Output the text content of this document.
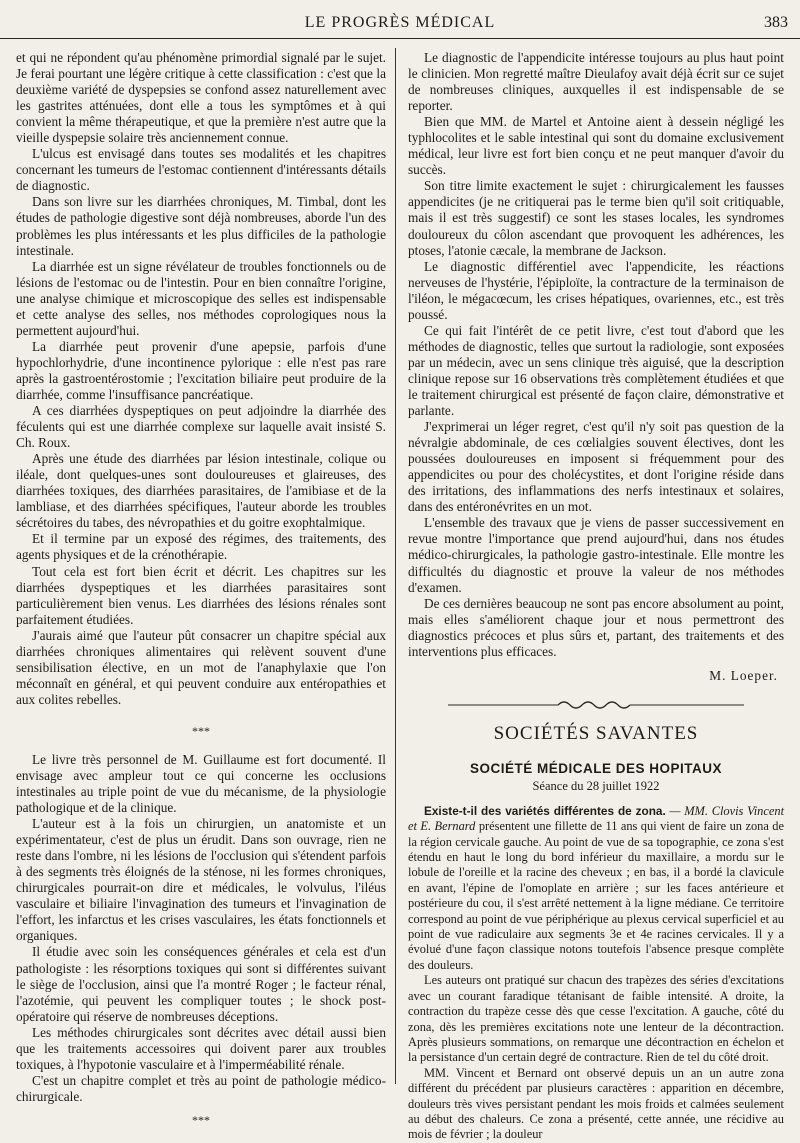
LE PROGRÈS MÉDICAL	383

et qui ne répondent qu'au phénomène primordial signalé par le sujet. Je ferai pourtant une légère critique à cette classification : c'est que la deuxième variété de dyspepsies se confond assez naturellement avec les gastrites atténuées, dont elle a tous les symptômes et à qui convient la même thérapeutique, et que la première n'est autre que la vieille dyspepsie solaire très anciennement connue.

L'ulcus est envisagé dans toutes ses modalités et les chapitres concernant les tumeurs de l'estomac contiennent d'intéressants détails de diagnostic.

Dans son livre sur les diarrhées chroniques, M. Timbal, dont les études de pathologie digestive sont déjà nombreuses, aborde l'un des problèmes les plus intéressants et les plus difficiles de la pathologie intestinale.

La diarrhée est un signe révélateur de troubles fonctionnels ou de lésions de l'estomac ou de l'intestin. Pour en bien connaître l'origine, une analyse chimique et microscopique des selles est indispensable et cette analyse des selles, nos méthodes coprologiques nous la permettent aujourd'hui.

La diarrhée peut provenir d'une apepsie, parfois d'une hypochlorhydrie, d'une incontinence pylorique : elle n'est pas rare après la gastroentérostomie ; l'excitation biliaire peut produire de la diarrhée, comme l'insuffisance pancréatique.

A ces diarrhées dyspeptiques on peut adjoindre la diarrhée des féculents qui est une diarrhée complexe sur laquelle avait insisté S. Ch. Roux.

Après une étude des diarrhées par lésion intestinale, colique ou iléale, dont quelques-unes sont douloureuses et glaireuses, des diarrhées toxiques, des diarrhées parasitaires, de l'amibiase et de la lambliase, et des diarrhées spécifiques, l'auteur aborde les troubles sécrétoires du tabes, des névropathies et du goitre exophtalmique.

Et il termine par un exposé des régimes, des traitements, des agents physiques et de la crénothérapie.

Tout cela est fort bien écrit et décrit. Les chapitres sur les diarrhées dyspeptiques et les diarrhées parasitaires sont particulièrement bien venus. Les diarrhées des lésions rénales sont parfaitement étudiées.

J'aurais aimé que l'auteur pût consacrer un chapitre spécial aux diarrhées chroniques alimentaires qui relèvent souvent d'une sensibilisation élective, en un mot de l'anaphylaxie que l'on méconnaît en général, et qui peuvent conduire aux entéropathies et aux colites rebelles.

***

Le livre très personnel de M. Guillaume est fort documenté. Il envisage avec ampleur tout ce qui concerne les occlusions intestinales au triple point de vue du mécanisme, de la physiologie pathologique et de la clinique.

L'auteur est à la fois un chirurgien, un anatomiste et un expérimentateur, c'est de plus un érudit. Dans son ouvrage, rien ne reste dans l'ombre, ni les lésions de l'occlusion qui s'étendent parfois à des segments très éloignés de la sténose, ni les formes chroniques, chirurgicales pourrait-on dire et médicales, le volvulus, l'iléus vasculaire et biliaire l'invagination des tumeurs et l'invagination de l'effort, les infarctus et les crises vasculaires, les états fonctionnels et organiques.

Il étudie avec soin les conséquences générales et cela est d'un pathologiste : les résorptions toxiques qui sont si différentes suivant le siège de l'occlusion, ainsi que l'a montré Roger ; le facteur rénal, l'azotémie, qui peuvent les compliquer toutes ; le shock post-opératoire qui réserve de nombreuses déceptions.

Les méthodes chirurgicales sont décrites avec détail aussi bien que les traitements accessoires qui doivent parer aux troubles toxiques, à l'hypotonie vasculaire et à l'imperméabilité rénale.

C'est un chapitre complet et très au point de pathologie médico-chirurgicale.

***

Le diagnostic de l'appendicite intéresse toujours au plus haut point le clinicien. Mon regretté maître Dieulafoy avait déjà écrit sur ce sujet de nombreuses cliniques, auxquelles il est indispensable de se reporter.

Bien que MM. de Martel et Antoine aient à dessein négligé les typhlocolites et le sable intestinal qui sont du domaine exclusivement médical, leur livre est fort bien conçu et ne peut manquer d'avoir du succès.

Son titre limite exactement le sujet : chirurgicalement les fausses appendicites (je ne critiquerai pas le terme bien qu'il soit critiquable, mais il est très suggestif) ce sont les stases locales, les syndromes douloureux du côlon ascendant que provoquent les adhérences, les ptoses, l'atonie cæcale, la membrane de Jackson.

Le diagnostic différentiel avec l'appendicite, les réactions nerveuses de l'hystérie, l'épiploïte, la contracture de la terminaison de l'iléon, le mégacœcum, les crises hépatiques, ovariennes, etc., est très poussé.

Ce qui fait l'intérêt de ce petit livre, c'est tout d'abord que les méthodes de diagnostic, telles que surtout la radiologie, sont exposées par un médecin, avec un sens clinique très aiguisé, que la description clinique repose sur 16 observations très complètement étudiées et que le traitement chirurgical est présenté de façon claire, démonstrative et parlante.

J'exprimerai un léger regret, c'est qu'il n'y soit pas question de la névralgie abdominale, de ces cœlialgies souvent électives, dont les poussées douloureuses en imposent si fréquemment pour des appendicites ou pour des cholécystites, et dont l'origine réside dans des irritations, des inflammations des nerfs intestinaux et solaires, dans des entéronévrites en un mot.

L'ensemble des travaux que je viens de passer successivement en revue montre l'importance que prend aujourd'hui, dans nos études médico-chirurgicales, la pathologie gastro-intestinale. Elle montre les difficultés du diagnostic et prouve la valeur de nos méthodes d'examen.

De ces dernières beaucoup ne sont pas encore absolument au point, mais elles s'améliorent chaque jour et nous permettront des diagnostics précoces et plus sûrs et, partant, des traitements et des interventions plus efficaces.

M. Loeper.
SOCIÉTÉS SAVANTES
SOCIÉTÉ MÉDICALE DES HOPITAUX
Séance du 28 juillet 1922

Existe-t-il des variétés différentes de zona. — MM. Clovis Vincent et E. Bernard présentent une fillette de 11 ans qui vient de faire un zona de la région cervicale gauche. Au point de vue de sa topographie, ce zona s'est étendu en haut le long du bord inférieur du maxillaire, a mordu sur le lobule de l'oreille et la racine des cheveux ; en bas, il a bordé la clavicule en avant, l'épine de l'omoplate en arrière ; sur les faces antérieure et postérieure du cou, il s'est arrêté nettement à la ligne médiane. Ce territoire correspond au point de vue périphérique au plexus cervical superficiel et au point de vue radiculaire aux segments 3e et 4e racines cervicales. Il y a évolué d'une façon classique notons toutefois l'absence presque complète des douleurs.

Les auteurs ont pratiqué sur chacun des trapèzes des séries d'excitations avec un courant faradique tétanisant de faible intensité. A droite, la contraction du trapèze cesse dès que cesse l'excitation. A gauche, côté du zona, dès les premières excitations note une lenteur de la décontraction. Après plusieurs sommations, on remarque une décontraction en échelon et la persistance d'un certain degré de contracture. Rien de tel du côté droit.

MM. Vincent et Bernard ont observé depuis un an un autre zona différent du précédent par plusieurs caractères : apparition en décembre, douleurs très vives persistant pendant les mois froids et calmées seulement au début des chaleurs. Ce zona a présenté, cette année, une récidive au mois de février ; la douleur
